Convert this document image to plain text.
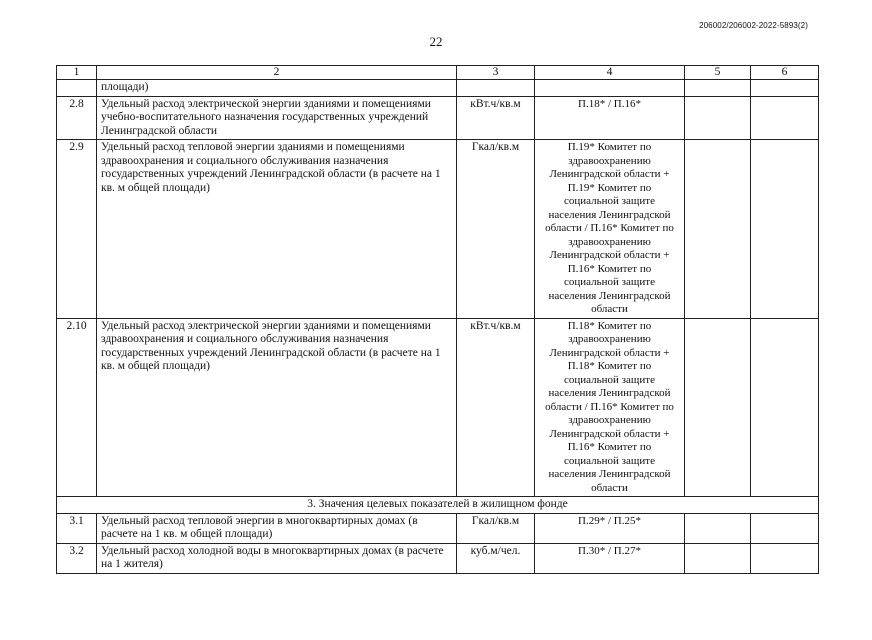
206002/206002-2022-5893(2)
22
1	2	3	4	5	6
	площади)				
2.8	Удельный расход электрической энергии зданиями и помещениями учебно-воспитательного назначения государственных учреждений Ленинградской области	кВт.ч/кв.м	П.18* / П.16*		
2.9	Удельный расход тепловой энергии зданиями и помещениями здравоохранения и социального обслуживания назначения государственных учреждений Ленинградской области (в расчете на 1 кв. м общей площади)	Гкал/кв.м	П.19* Комитет по здравоохранению Ленинградской области + П.19* Комитет по социальной защите населения Ленинградской области / П.16* Комитет по здравоохранению Ленинградской области + П.16* Комитет по социальной защите населения Ленинградской области		
2.10	Удельный расход электрической энергии зданиями и помещениями здравоохранения и социального обслуживания назначения государственных учреждений Ленинградской области (в расчете на 1 кв. м общей площади)	кВт.ч/кв.м	П.18* Комитет по здравоохранению Ленинградской области + П.18* Комитет по социальной защите населения Ленинградской области / П.16* Комитет по здравоохранению Ленинградской области + П.16* Комитет по социальной защите населения Ленинградской области		
3. Значения целевых показателей в жилищном фонде					
3.1	Удельный расход тепловой энергии в многоквартирных домах (в расчете на 1 кв. м общей площади)	Гкал/кв.м	П.29* / П.25*		
3.2	Удельный расход холодной воды в многоквартирных домах (в расчете на 1 жителя)	куб.м/чел.	П.30* / П.27*		
